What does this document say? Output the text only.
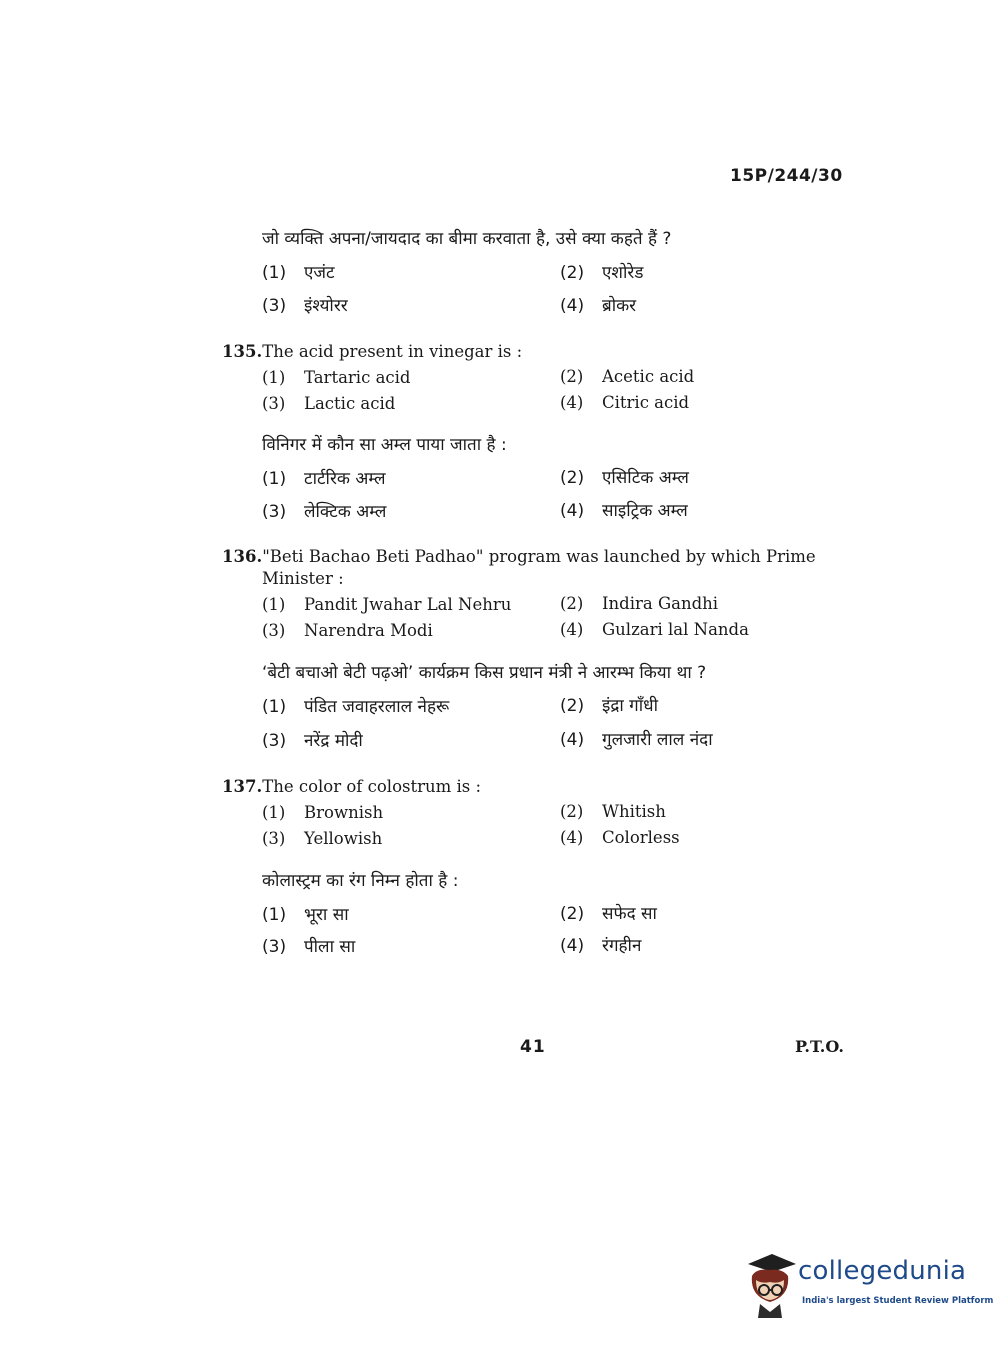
15P/244/30
जो व्यक्ति अपना/जायदाद का बीमा करवाता है, उसे क्या कहते हैं ?
(1) एजंट	(2) एशोरेड
(3) इंश्योरर	(4) ब्रोकर
135.The acid present in vinegar is :
(1) Tartaric acid	(2) Acetic acid
(3) Lactic acid	(4) Citric acid
विनिगर में कौन सा अम्ल पाया जाता है :
(1) टार्टरिक अम्ल	(2) एसिटिक अम्ल
(3) लेक्टिक अम्ल	(4) साइट्रिक अम्ल
136."Beti Bachao Beti Padhao" program was launched by which Prime
Minister :
(1) Pandit Jwahar Lal Nehru	(2) Indira Gandhi
(3) Narendra Modi	(4) Gulzari lal Nanda
‘बेटी बचाओ बेटी पढ़ओ’ कार्यक्रम किस प्रधान मंत्री ने आरम्भ किया था ?
(1) पंडित जवाहरलाल नेहरू	(2) इंद्रा गाँधी
(3) नरेंद्र मोदी	(4) गुलजारी लाल नंदा
137.The color of colostrum is :
(1) Brownish	(2) Whitish
(3) Yellowish	(4) Colorless
कोलास्ट्रम का रंग निम्न होता है :
(1) भूरा सा	(2) सफेद सा
(3) पीला सा	(4) रंगहीन
41	P.T.O.
collegedunia
India's largest Student Review Platform
